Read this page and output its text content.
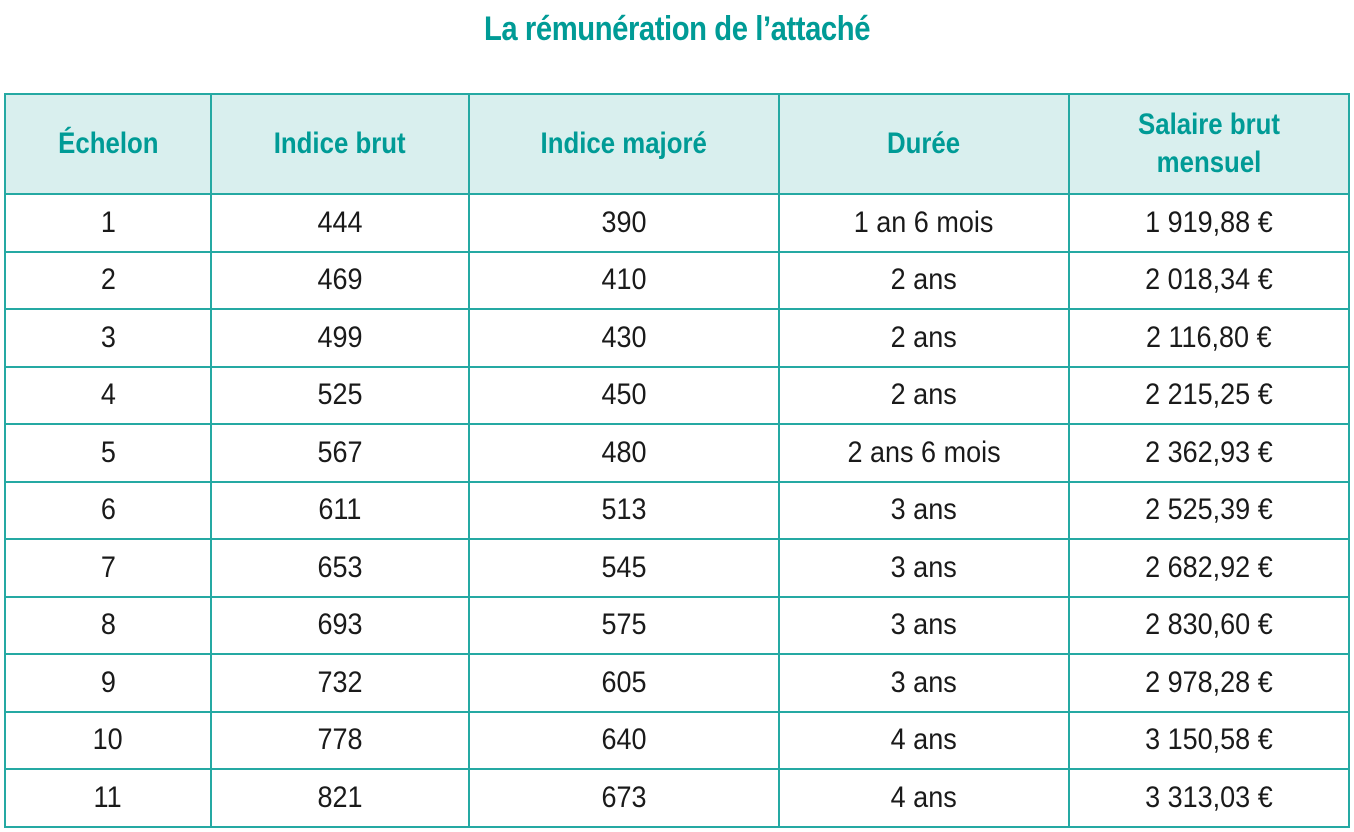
La rémunération de l’attaché
Échelon	Indice brut	Indice majoré	Durée	Salaire brut mensuel
1	444	390	1 an 6 mois	1 919,88 €
2	469	410	2 ans	2 018,34 €
3	499	430	2 ans	2 116,80 €
4	525	450	2 ans	2 215,25 €
5	567	480	2 ans 6 mois	2 362,93 €
6	611	513	3 ans	2 525,39 €
7	653	545	3 ans	2 682,92 €
8	693	575	3 ans	2 830,60 €
9	732	605	3 ans	2 978,28 €
10	778	640	4 ans	3 150,58 €
11	821	673	4 ans	3 313,03 €
